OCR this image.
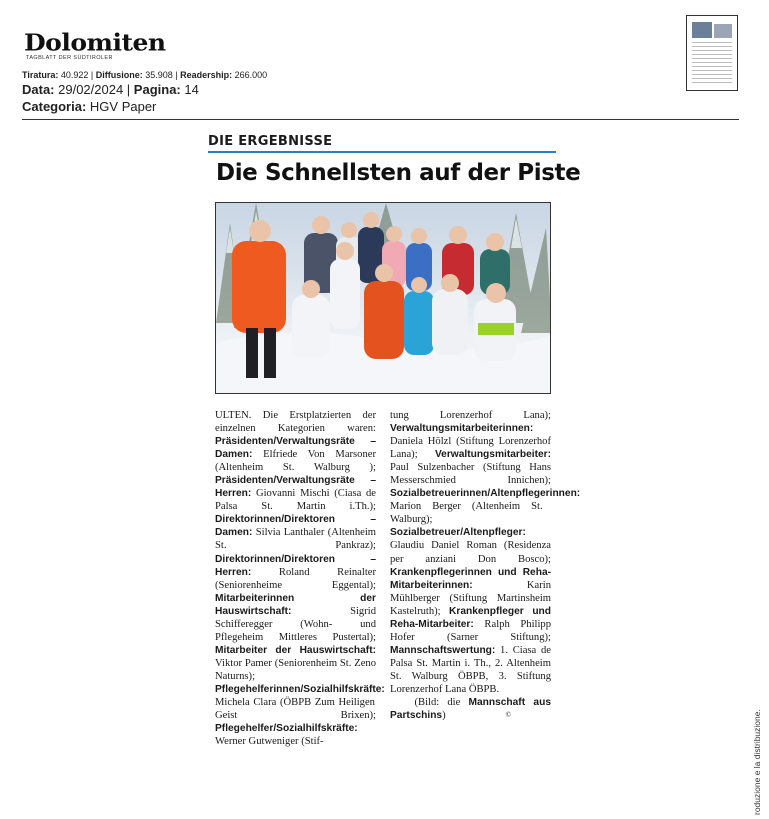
Dolomiten
TAGBLATT DER SÜDTIROLER
Tiratura: 40.922 | Diffusione: 35.908 | Readership: 266.000
Data: 29/02/2024 | Pagina: 14
Categoria: HGV Paper
DIE ERGEBNISSE
Die Schnellsten auf der Piste
ULTEN. Die Erstplatzierten der einzelnen Kategorien waren: Präsidenten/Verwaltungsräte – Damen: Elfriede Von Marsoner (Altenheim St. Walburg ); Präsidenten/Verwaltungsräte – Herren: Giovanni Mischi (Ciasa de Palsa St. Martin i.Th.); Direktorinnen/Direktoren – Damen: Silvia Lanthaler (Altenheim St. Pankraz); Direktorinnen/Direktoren – Herren: Roland Reinalter (Seniorenheime Eggental); Mitarbeiterinnen der Hauswirtschaft: Sigrid Schifferegger (Wohn- und Pflegeheim Mittleres Pustertal); Mitarbeiter der Hauswirtschaft: Viktor Pamer (Seniorenheim St. Zeno Naturns); Pflegehelferinnen/Sozialhilfskräfte: Michela Clara (ÖBPB Zum Heiligen Geist Brixen); Pflegehelfer/Sozialhilfskräfte: Werner Gutweniger (Stif-
tung Lorenzerhof Lana); Verwaltungsmitarbeiterinnen: Daniela Hölzl (Stiftung Lorenzerhof Lana); Verwaltungsmitarbeiter: Paul Sulzenbacher (Stiftung Hans Messerschmied Innichen); Sozialbetreuerinnen/Altenpflegerinnen: Marion Berger (Altenheim St. Walburg); Sozialbetreuer/Altenpfleger: Glaudiu Daniel Roman (Residenza per anziani Don Bosco); Krankenpflegerinnen und Reha-Mitarbeiterinnen: Karin Mühlberger (Stiftung Martinsheim Kastelruth); Krankenpfleger und Reha-Mitarbeiter: Ralph Philipp Hofer (Sarner Stiftung); Mannschaftswertung: 1. Ciasa de Palsa St. Martin i. Th., 2. Altenheim St. Walburg ÖBPB, 3. Stiftung Lorenzerhof Lana ÖBPB.
(Bild: die Mannschaft aus Partschins)	©	roduzione e la distribuzione.
